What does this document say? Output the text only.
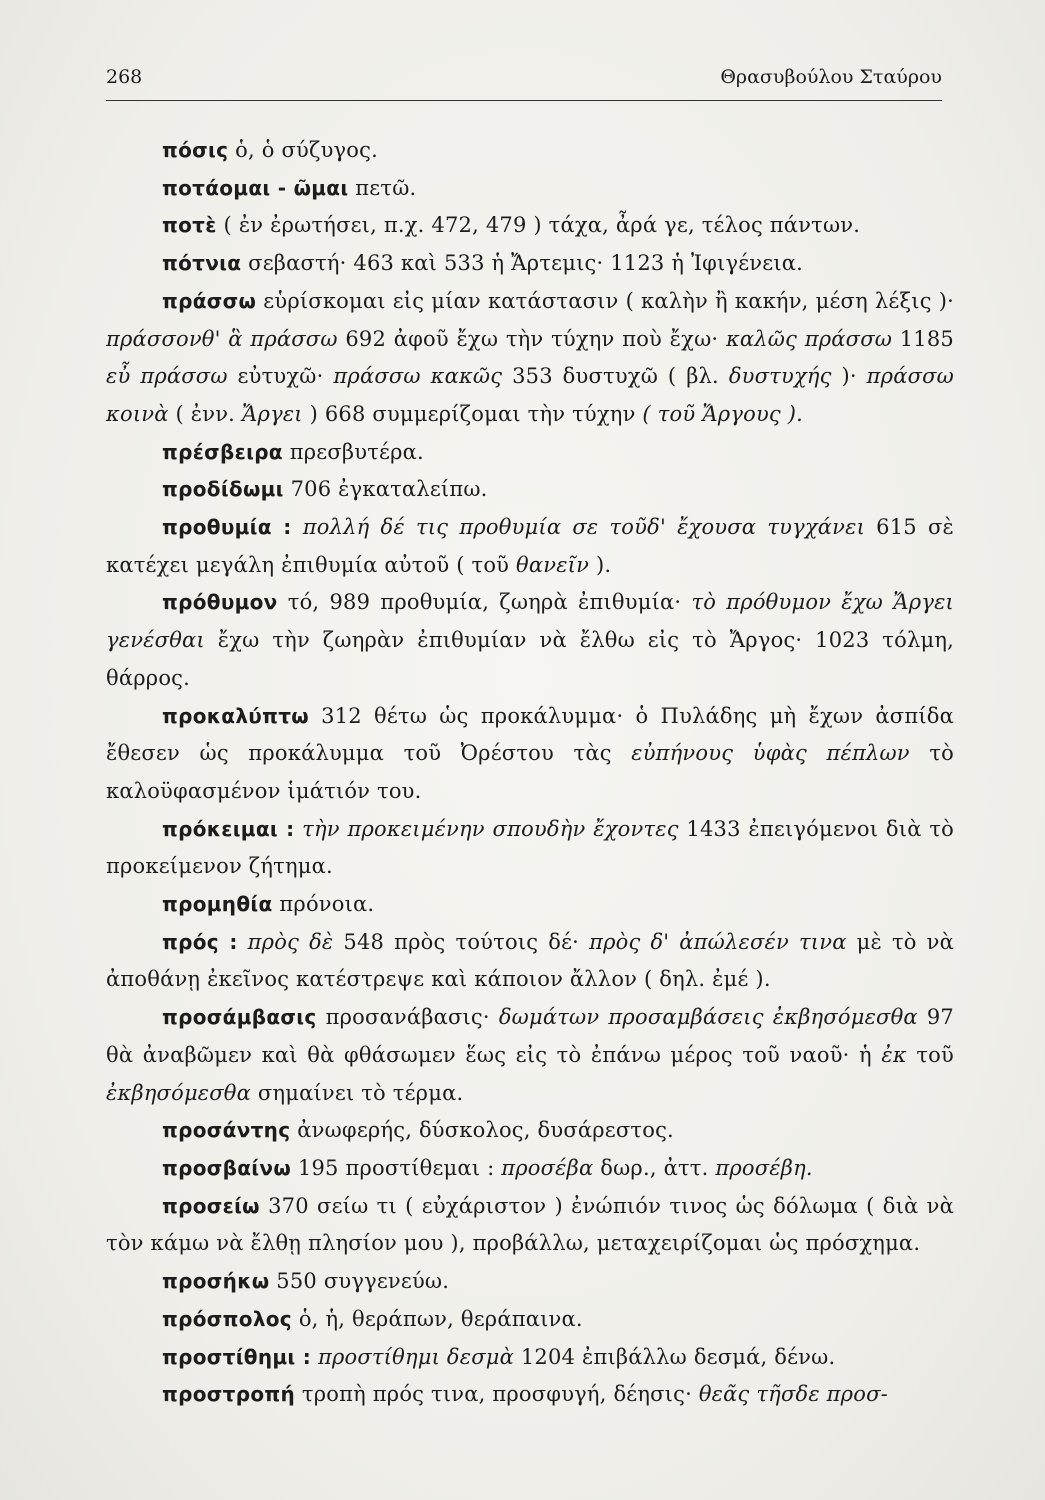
268	Θρασυβούλου Σταύρου

πόσις ὁ, ὁ σύζυγος.

ποτάομαι - ῶμαι πετῶ.

ποτὲ ( ἐν ἐρωτήσει, π.χ. 472, 479 ) τάχα, ἆρά γε, τέλος πάντων.

πότνια σεβαστή· 463 καὶ 533 ἡ Ἄρτεμις· 1123 ἡ Ἰφιγένεια.

πράσσω εὑρίσκομαι εἰς μίαν κατάστασιν ( καλὴν ἢ κακήν, μέση λέξις )· πράσσονθ' ἃ πράσσω 692 ἀφοῦ ἔχω τὴν τύχην ποὺ ἔχω· καλῶς πράσσω 1185 εὖ πράσσω εὐτυχῶ· πράσσω κακῶς 353 δυστυχῶ ( βλ. δυστυχής )· πράσσω κοινὰ ( ἐνν. Ἄργει ) 668 συμμερίζομαι τὴν τύχην ( τοῦ Ἄργους ).

πρέσβειρα πρεσβυτέρα.

προδίδωμι 706 ἐγκαταλείπω.

προθυμία : πολλή δέ τις προθυμία σε τοῦδ' ἔχουσα τυγχάνει 615 σὲ κατέχει μεγάλη ἐπιθυμία αὐτοῦ ( τοῦ θανεῖν ).

πρόθυμον τό, 989 προθυμία, ζωηρὰ ἐπιθυμία· τὸ πρόθυμον ἔχω Ἄργει γενέσθαι ἔχω τὴν ζωηρὰν ἐπιθυμίαν νὰ ἔλθω εἰς τὸ Ἄργος· 1023 τόλμη, θάρρος.

προκαλύπτω 312 θέτω ὡς προκάλυμμα· ὁ Πυλάδης μὴ ἔχων ἀσπίδα ἔθεσεν ὡς προκάλυμμα τοῦ Ὀρέστου τὰς εὐπήνους ὑφὰς πέπλων τὸ καλοϋφασμένον ἱμάτιόν του.

πρόκειμαι : τὴν προκειμένην σπουδὴν ἔχοντες 1433 ἐπειγόμενοι διὰ τὸ προκείμενον ζήτημα.

προμηθία πρόνοια.

πρός : πρὸς δὲ 548 πρὸς τούτοις δέ· πρὸς δ' ἀπώλεσέν τινα μὲ τὸ νὰ ἀποθάνῃ ἐκεῖνος κατέστρεψε καὶ κάποιον ἄλλον ( δηλ. ἐμέ ).

προσάμβασις προσανάβασις· δωμάτων προσαμβάσεις ἐκβησόμεσθα 97 θὰ ἀναβῶμεν καὶ θὰ φθάσωμεν ἕως εἰς τὸ ἐπάνω μέρος τοῦ ναοῦ· ἡ ἐκ τοῦ ἐκβησόμεσθα σημαίνει τὸ τέρμα.

προσάντης ἀνωφερής, δύσκολος, δυσάρεστος.

προσβαίνω 195 προστίθεμαι : προσέβα δωρ., ἀττ. προσέβη.

προσείω 370 σείω τι ( εὐχάριστον ) ἐνώπιόν τινος ὡς δόλωμα ( διὰ νὰ τὸν κάμω νὰ ἔλθῃ πλησίον μου ), προβάλλω, μεταχειρίζομαι ὡς πρόσχημα.

προσήκω 550 συγγενεύω.

πρόσπολος ὁ, ἡ, θεράπων, θεράπαινα.

προστίθημι : προστίθημι δεσμὰ 1204 ἐπιβάλλω δεσμά, δένω.

προστροπή τροπὴ πρός τινα, προσφυγή, δέησις· θεᾶς τῆσδε προσ-
